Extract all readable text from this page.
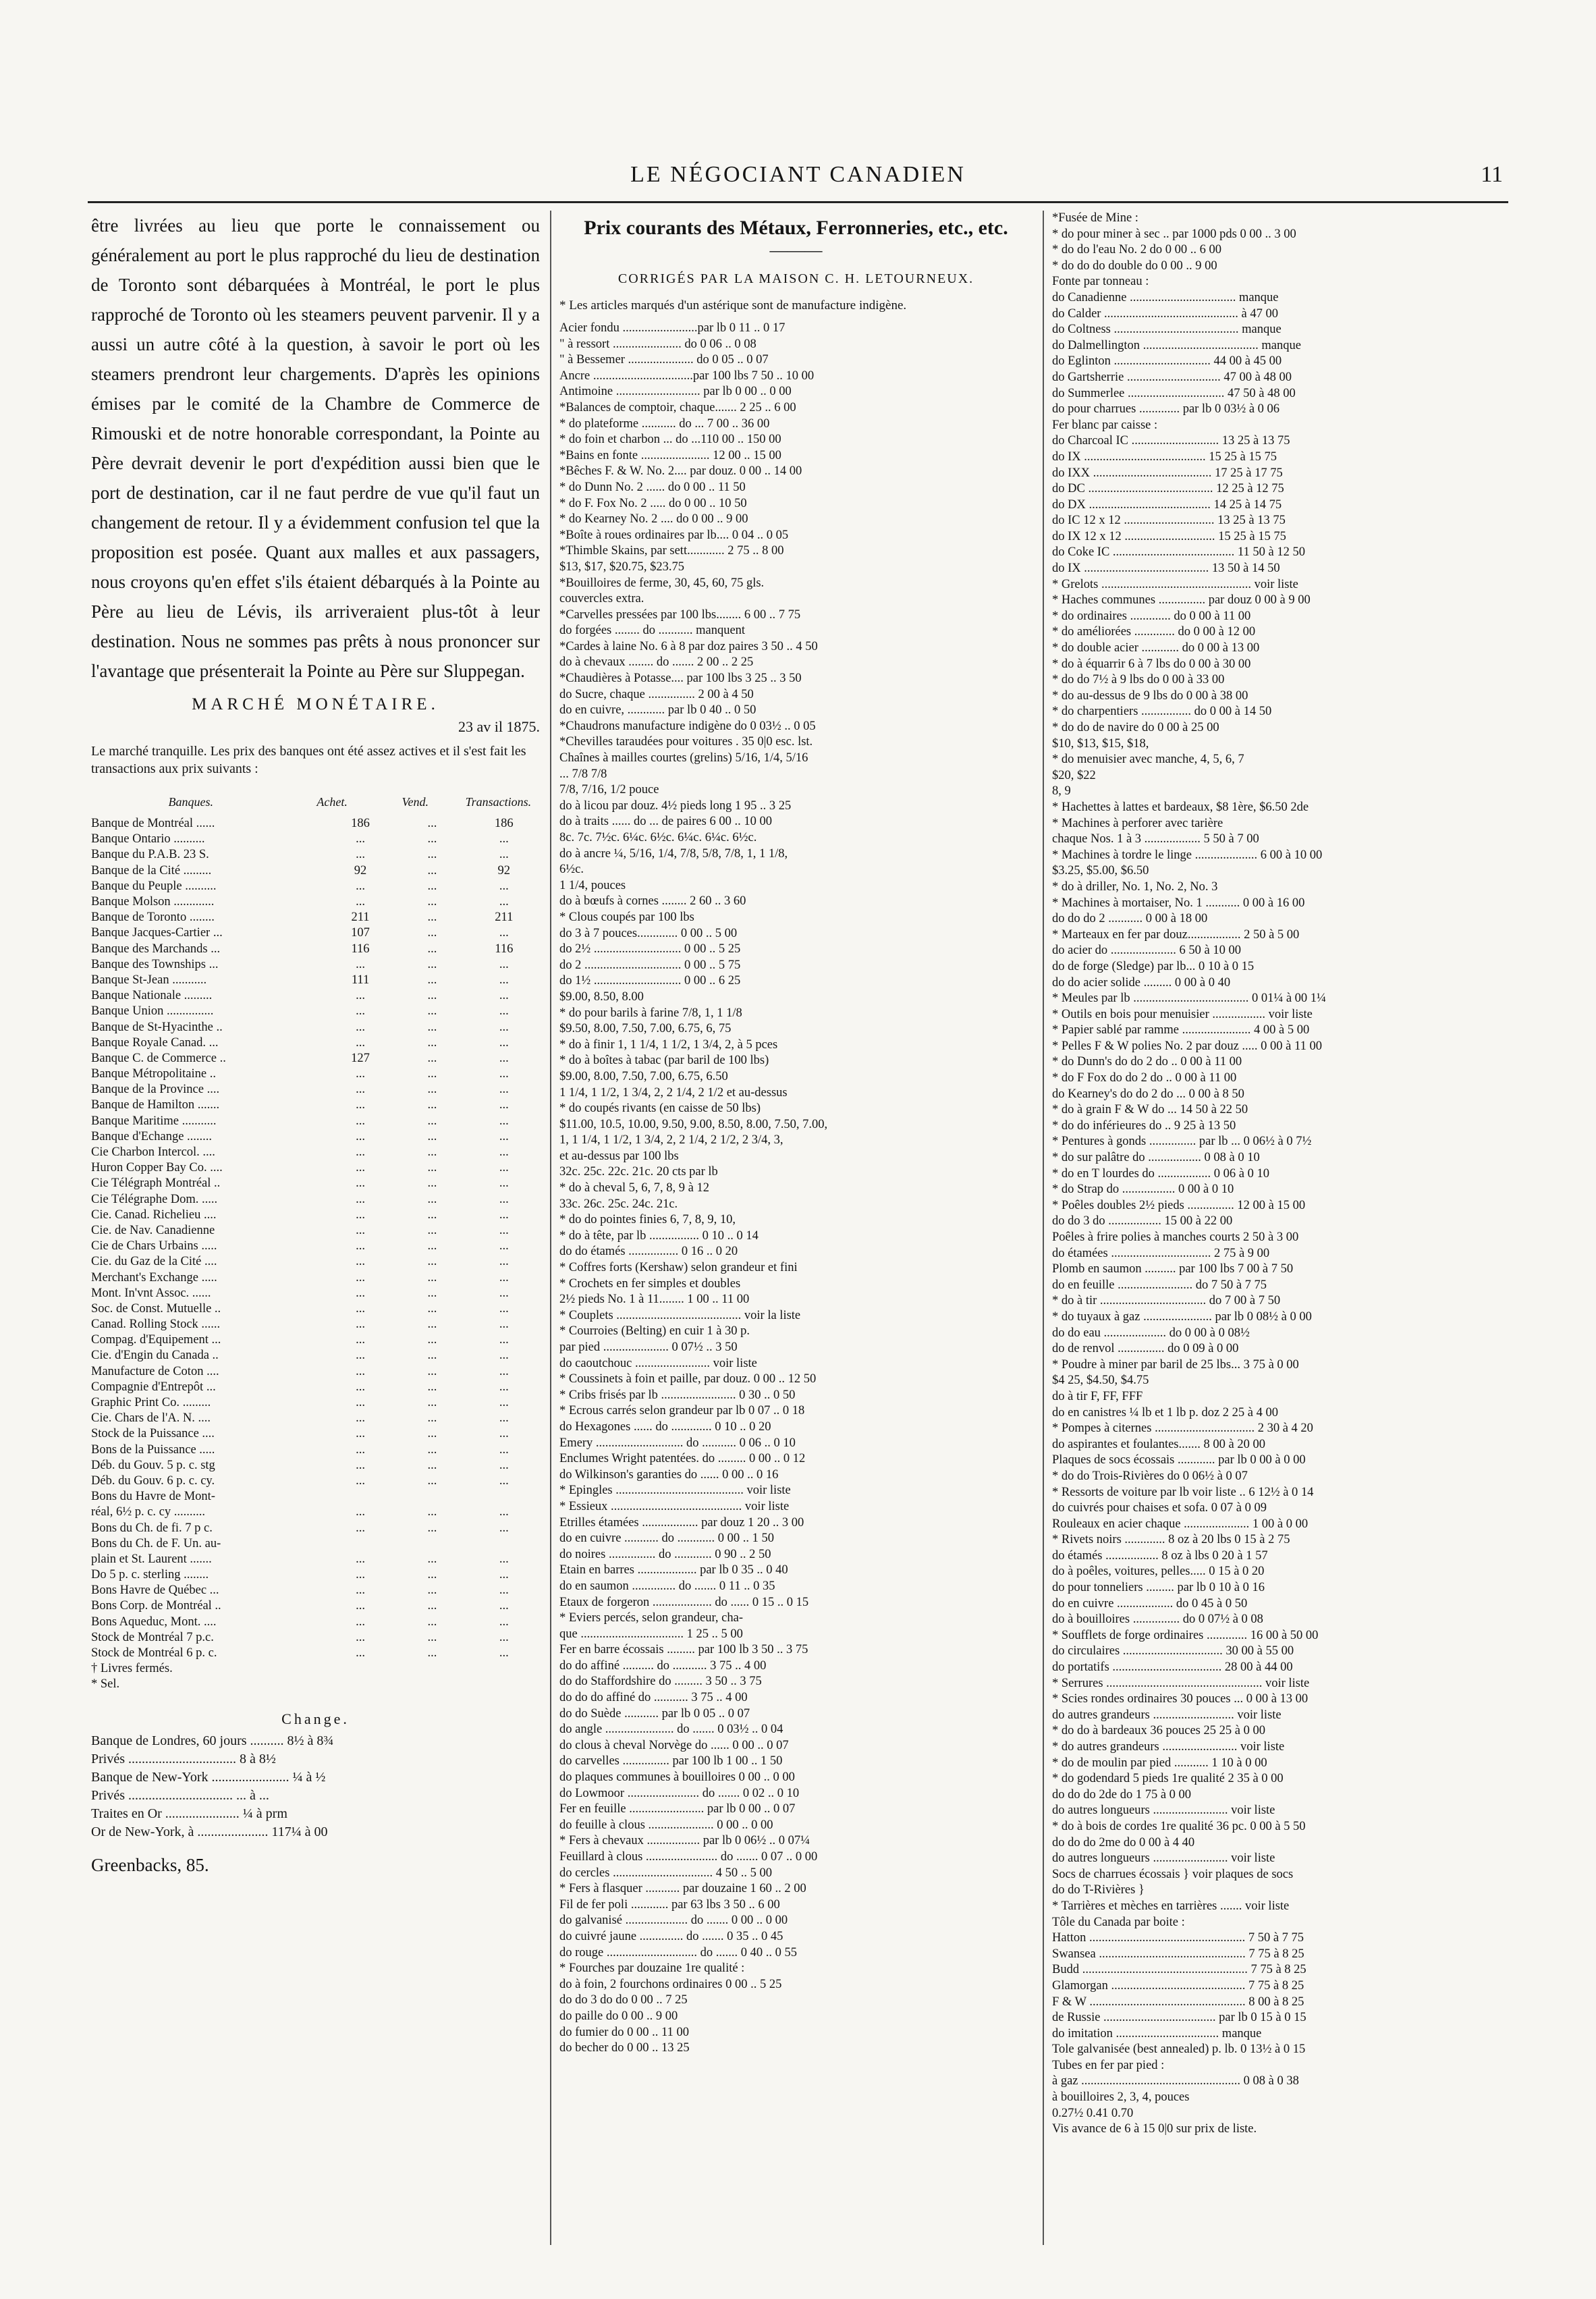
LE NÉGOCIANT CANADIEN	11

être livrées au lieu que porte le connaissement ou généralement au port le plus rapproché du lieu de destination de Toronto sont débarquées à Montréal, le port le plus rapproché de Toronto où les steamers peuvent parvenir. Il y a aussi un autre côté à la question, à savoir le port où les steamers prendront leur chargements. D'après les opinions émises par le comité de la Chambre de Commerce de Rimouski et de notre honorable correspondant, la Pointe au Père devrait devenir le port d'expédition aussi bien que le port de destination, car il ne faut perdre de vue qu'il faut un changement de retour. Il y a évidemment confusion tel que la proposition est posée. Quant aux malles et aux passagers, nous croyons qu'en effet s'ils étaient débarqués à la Pointe au Père au lieu de Lévis, ils arriveraient plus-tôt à leur destination. Nous ne sommes pas prêts à nous prononcer sur l'avantage que présenterait la Pointe au Père sur Sluppegan.

MARCHÉ MONÉTAIRE.
23 av il 1875.
Le marché tranquille. Les prix des banques ont été assez actives et il s'est fait les transactions aux prix suivants :
Banques.	Achet.	Vend.	Transactions.
Banque de Montréal ......	186	...	186
Banque Ontario ..........	...	...	...
Banque du P.A.B. 23 S.	...	...	...
Banque de la Cité .........	92	...	92
Banque du Peuple ..........	...	...	...
Banque Molson .............	...	...	...
Banque de Toronto ........	211	...	211
Banque Jacques-Cartier ...	107	...	...
Banque des Marchands ...	116	...	116
Banque des Townships ...	...	...	...
Banque St-Jean ...........	111	...	...
Banque Nationale .........	...	...	...
Banque Union ...............	...	...	...
Banque de St-Hyacinthe ..	...	...	...
Banque Royale Canad. ...	...	...	...
Banque C. de Commerce ..	127	...	...
Banque Métropolitaine ..	...	...	...
Banque de la Province ....	...	...	...
Banque de Hamilton .......	...	...	...
Banque Maritime ...........	...	...	...
Banque d'Echange ........	...	...	...
Cie Charbon Intercol. ....	...	...	...
Huron Copper Bay Co. ....	...	...	...
Cie Télégraph Montréal ..	...	...	...
Cie Télégraphe Dom. .....	...	...	...
Cie. Canad. Richelieu ....	...	...	...
Cie. de Nav. Canadienne	...	...	...
Cie de Chars Urbains .....	...	...	...
Cie. du Gaz de la Cité ....	...	...	...
Merchant's Exchange .....	...	...	...
Mont. In'vnt Assoc. ......	...	...	...
Soc. de Const. Mutuelle ..	...	...	...
Canad. Rolling Stock ......	...	...	...
Compag. d'Equipement ...	...	...	...
Cie. d'Engin du Canada ..	...	...	...
Manufacture de Coton ....	...	...	...
Compagnie d'Entrepôt ...	...	...	...
Graphic Print Co. .........	...	...	...
Cie. Chars de l'A. N. ....	...	...	...
Stock de la Puissance ....	...	...	...
Bons de la Puissance .....	...	...	...
Déb. du Gouv. 5 p. c. stg	...	...	...
Déb. du Gouv. 6 p. c. cy.	...	...	...
Bons du Havre de Mont-			
réal, 6½ p. c. cy ..........	...	...	...
Bons du Ch. de fi. 7 p c.	...	...	...
Bons du Ch. de F. Un. au-			
plain et St. Laurent .......	...	...	...
Do 5 p. c. sterling ........	...	...	...
Bons Havre de Québec ...	...	...	...
Bons Corp. de Montréal ..	...	...	...
Bons Aqueduc, Mont. ....	...	...	...
Stock de Montréal 7 p.c.	...	...	...
Stock de Montréal 6 p. c.	...	...	...
† Livres fermés.			
* Sel.			
Change.
Banque de Londres, 60 jours .......... 8½ à 8¾
Privés ................................ 8 à 8½
Banque de New-York ....................... ¼ à ½
Privés ............................... ... à ...
Traites en Or ...................... ¼ à prm
Or de New-York, à ..................... 117¼ à 00
Greenbacks, 85.
Prix courants des Métaux, Ferronneries, etc., etc.
———
CORRIGÉS PAR LA MAISON C. H. LETOURNEUX.
* Les articles marqués d'un astérique sont de manufacture indigène.
Acier fondu ........................par lb 0 11 .. 0 17
" à ressort ...................... do 0 06 .. 0 08
" à Bessemer ..................... do 0 05 .. 0 07
Ancre ................................par 100 lbs 7 50 .. 10 00
Antimoine ........................... par lb 0 00 .. 0 00
*Balances de comptoir, chaque....... 2 25 .. 6 00
* do plateforme ........... do ... 7 00 .. 36 00
* do foin et charbon ... do ...110 00 .. 150 00
*Bains en fonte ...................... 12 00 .. 15 00
*Bêches F. & W. No. 2.... par douz. 0 00 .. 14 00
* do Dunn No. 2 ...... do 0 00 .. 11 50
* do F. Fox No. 2 ..... do 0 00 .. 10 50
* do Kearney No. 2 .... do 0 00 .. 9 00
*Boîte à roues ordinaires par lb.... 0 04 .. 0 05
*Thimble Skains, par sett............ 2 75 .. 8 00
$13, $17, $20.75, $23.75
*Bouilloires de ferme, 30, 45, 60, 75 gls.
couvercles extra.
*Carvelles pressées par 100 lbs........ 6 00 .. 7 75
do forgées ........ do ........... manquent
*Cardes à laine No. 6 à 8 par doz paires 3 50 .. 4 50
do à chevaux ........ do ....... 2 00 .. 2 25
*Chaudières à Potasse.... par 100 lbs 3 25 .. 3 50
do Sucre, chaque ............... 2 00 à 4 50
do en cuivre, ............ par lb 0 40 .. 0 50
*Chaudrons manufacture indigène do 0 03½ .. 0 05
*Chevilles taraudées pour voitures . 35 0|0 esc. lst.
Chaînes à mailles courtes (grelins) 5/16, 1/4, 5/16
... 7/8 7/8
7/8, 7/16, 1/2 pouce
do à licou par douz. 4½ pieds long 1 95 .. 3 25
do à traits ...... do ... de paires 6 00 .. 10 00
8c. 7c. 7½c. 6¼c. 6½c. 6¼c. 6¼c. 6½c.
do à ancre ¼, 5/16, 1/4, 7/8, 5/8, 7/8, 1, 1 1/8,
6½c.
1 1/4, pouces
do à bœufs à cornes ........ 2 60 .. 3 60
* Clous coupés par 100 lbs
do 3 à 7 pouces............. 0 00 .. 5 00
do 2½ ............................ 0 00 .. 5 25
do 2 ............................... 0 00 .. 5 75
do 1½ ............................ 0 00 .. 6 25
$9.00, 8.50, 8.00
* do pour barils à farine 7/8, 1, 1 1/8
$9.50, 8.00, 7.50, 7.00, 6.75, 6, 75
* do à finir 1, 1 1/4, 1 1/2, 1 3/4, 2, à 5 pces
* do à boîtes à tabac (par baril de 100 lbs)
$9.00, 8.00, 7.50, 7.00, 6.75, 6.50
1 1/4, 1 1/2, 1 3/4, 2, 2 1/4, 2 1/2 et au-dessus
* do coupés rivants (en caisse de 50 lbs)
$11.00, 10.5, 10.00, 9.50, 9.00, 8.50, 8.00, 7.50, 7.00,
1, 1 1/4, 1 1/2, 1 3/4, 2, 2 1/4, 2 1/2, 2 3/4, 3,
et au-dessus par 100 lbs
32c. 25c. 22c. 21c. 20 cts par lb
* do à cheval 5, 6, 7, 8, 9 à 12
33c. 26c. 25c. 24c. 21c.
* do do pointes finies 6, 7, 8, 9, 10,
* do à tête, par lb ................ 0 10 .. 0 14
do do étamés ................ 0 16 .. 0 20
* Coffres forts (Kershaw) selon grandeur et fini
* Crochets en fer simples et doubles
2½ pieds No. 1 à 11........ 1 00 .. 11 00
* Couplets ........................................ voir la liste
* Courroies (Belting) en cuir 1 à 30 p.
par pied ..................... 0 07½ .. 3 50
do caoutchouc ........................ voir liste
* Coussinets à foin et paille, par douz. 0 00 .. 12 50
* Cribs frisés par lb ........................ 0 30 .. 0 50
* Ecrous carrés selon grandeur par lb 0 07 .. 0 18
do Hexagones ...... do ............. 0 10 .. 0 20
Emery ............................ do ........... 0 06 .. 0 10
Enclumes Wright patentées. do ......... 0 00 .. 0 12
do Wilkinson's garanties do ...... 0 00 .. 0 16
* Epingles ......................................... voir liste
* Essieux .......................................... voir liste
Etrilles étamées .................. par douz 1 20 .. 3 00
do en cuivre ........... do ............ 0 00 .. 1 50
do noires ............... do ............ 0 90 .. 2 50
Etain en barres ................... par lb 0 35 .. 0 40
do en saumon .............. do ....... 0 11 .. 0 35
Etaux de forgeron ................... do ...... 0 15 .. 0 15
* Eviers percés, selon grandeur, cha-
que ................................. 1 25 .. 5 00
Fer en barre écossais ......... par 100 lb 3 50 .. 3 75
do do affiné .......... do ........... 3 75 .. 4 00
do do Staffordshire do ......... 3 50 .. 3 75
do do do affiné do ........... 3 75 .. 4 00
do do Suède ........... par lb 0 05 .. 0 07
do angle ...................... do ....... 0 03½ .. 0 04
do clous à cheval Norvège do ...... 0 00 .. 0 07
do carvelles ............... par 100 lb 1 00 .. 1 50
do plaques communes à bouilloires 0 00 .. 0 00
do Lowmoor ....................... do ....... 0 02 .. 0 10
Fer en feuille ........................ par lb 0 00 .. 0 07
do feuille à clous ..................... 0 00 .. 0 00
* Fers à chevaux ................. par lb 0 06½ .. 0 07¼
Feuillard à clous ....................... do ....... 0 07 .. 0 00
do cercles ................................ 4 50 .. 5 00
* Fers à flasquer ........... par douzaine 1 60 .. 2 00
Fil de fer poli ............ par 63 lbs 3 50 .. 6 00
do galvanisé .................... do ....... 0 00 .. 0 00
do cuivré jaune .............. do ....... 0 35 .. 0 45
do rouge ............................. do ....... 0 40 .. 0 55
* Fourches par douzaine 1re qualité :
do à foin, 2 fourchons ordinaires 0 00 .. 5 25
do do 3 do do 0 00 .. 7 25
do paille do 0 00 .. 9 00
do fumier do 0 00 .. 11 00
do becher do 0 00 .. 13 25
*Fusée de Mine :
* do pour miner à sec .. par 1000 pds 0 00 .. 3 00
* do do l'eau No. 2 do 0 00 .. 6 00
* do do do double do 0 00 .. 9 00
Fonte par tonneau :
do Canadienne .................................. manque
do Calder ........................................... à 47 00
do Coltness ........................................ manque
do Dalmellington ..................................... manque
do Eglinton ............................... 44 00 à 45 00
do Gartsherrie .............................. 47 00 à 48 00
do Summerlee ............................... 47 50 à 48 00
do pour charrues ............. par lb 0 03½ à 0 06
Fer blanc par caisse :
do Charcoal IC ............................ 13 25 à 13 75
do IX ....................................... 15 25 à 15 75
do IXX ...................................... 17 25 à 17 75
do DC ........................................ 12 25 à 12 75
do DX ....................................... 14 25 à 14 75
do IC 12 x 12 ............................. 13 25 à 13 75
do IX 12 x 12 ............................. 15 25 à 15 75
do Coke IC ....................................... 11 50 à 12 50
do IX ........................................ 13 50 à 14 50
* Grelots ................................................ voir liste
* Haches communes ............... par douz 0 00 à 9 00
* do ordinaires ............. do 0 00 à 11 00
* do améliorées ............. do 0 00 à 12 00
* do double acier ............ do 0 00 à 13 00
* do à équarrir 6 à 7 lbs do 0 00 à 30 00
* do do 7½ à 9 lbs do 0 00 à 33 00
* do au-dessus de 9 lbs do 0 00 à 38 00
* do charpentiers ................ do 0 00 à 14 50
* do do de navire do 0 00 à 25 00
$10, $13, $15, $18,
* do menuisier avec manche, 4, 5, 6, 7
$20, $22
8, 9
* Hachettes à lattes et bardeaux, $8 1ère, $6.50 2de
* Machines à perforer avec tarière
chaque Nos. 1 à 3 .................. 5 50 à 7 00
* Machines à tordre le linge .................... 6 00 à 10 00
$3.25, $5.00, $6.50
* do à driller, No. 1, No. 2, No. 3
* Machines à mortaiser, No. 1 ........... 0 00 à 16 00
do do do 2 ........... 0 00 à 18 00
* Marteaux en fer par douz................. 2 50 à 5 00
do acier do ..................... 6 50 à 10 00
do de forge (Sledge) par lb... 0 10 à 0 15
do do acier solide ......... 0 00 à 0 40
* Meules par lb ..................................... 0 01¼ à 00 1¼
* Outils en bois pour menuisier ................. voir liste
* Papier sablé par ramme ...................... 4 00 à 5 00
* Pelles F & W polies No. 2 par douz ..... 0 00 à 11 00
* do Dunn's do do 2 do .. 0 00 à 11 00
* do F Fox do do 2 do .. 0 00 à 11 00
do Kearney's do do 2 do ... 0 00 à 8 50
* do à grain F & W do ... 14 50 à 22 50
* do do inférieures do .. 9 25 à 13 50
* Pentures à gonds ............... par lb ... 0 06½ à 0 7½
* do sur palâtre do ................. 0 08 à 0 10
* do en T lourdes do ................. 0 06 à 0 10
* do Strap do ................. 0 00 à 0 10
* Poêles doubles 2½ pieds ............... 12 00 à 15 00
do do 3 do ................. 15 00 à 22 00
Poêles à frire polies à manches courts 2 50 à 3 00
do étamées ................................ 2 75 à 9 00
Plomb en saumon .......... par 100 lbs 7 00 à 7 50
do en feuille ........................ do 7 50 à 7 75
* do à tir .................................. do 7 00 à 7 50
* do tuyaux à gaz ...................... par lb 0 08½ à 0 00
do do eau .................... do 0 00 à 0 08½
do de renvol ............... do 0 09 à 0 00
* Poudre à miner par baril de 25 lbs... 3 75 à 0 00
$4 25, $4.50, $4.75
do à tir F, FF, FFF
do en canistres ¼ lb et 1 lb p. doz 2 25 à 4 00
* Pompes à citernes ................................ 2 30 à 4 20
do aspirantes et foulantes....... 8 00 à 20 00
Plaques de socs écossais ............ par lb 0 00 à 0 00
* do do Trois-Rivières do 0 06½ à 0 07
* Ressorts de voiture par lb voir liste .. 6 12½ à 0 14
do cuivrés pour chaises et sofa. 0 07 à 0 09
Rouleaux en acier chaque ..................... 1 00 à 0 00
* Rivets noirs ............. 8 oz à 20 lbs 0 15 à 2 75
do étamés ................. 8 oz à lbs 0 20 à 1 57
do à poêles, voitures, pelles..... 0 15 à 0 20
do pour tonneliers ......... par lb 0 10 à 0 16
do en cuivre .................. do 0 45 à 0 50
do à bouilloires ............... do 0 07½ à 0 08
* Soufflets de forge ordinaires ............. 16 00 à 50 00
do circulaires ................................ 30 00 à 55 00
do portatifs ................................... 28 00 à 44 00
* Serrures .................................................. voir liste
* Scies rondes ordinaires 30 pouces ... 0 00 à 13 00
do autres grandeurs .......................... voir liste
* do do à bardeaux 36 pouces 25 25 à 0 00
* do autres grandeurs ........................ voir liste
* do de moulin par pied ........... 1 10 à 0 00
* do godendard 5 pieds 1re qualité 2 35 à 0 00
do do do 2de do 1 75 à 0 00
do autres longueurs ........................ voir liste
* do à bois de cordes 1re qualité 36 pc. 0 00 à 5 50
do do do 2me do 0 00 à 4 40
do autres longueurs ........................ voir liste
Socs de charrues écossais } voir plaques de socs
do do T-Rivières }
* Tarrières et mèches en tarrières ....... voir liste
Tôle du Canada par boite :
Hatton .................................................. 7 50 à 7 75
Swansea ............................................... 7 75 à 8 25
Budd ..................................................... 7 75 à 8 25
Glamorgan ........................................... 7 75 à 8 25
F & W .................................................. 8 00 à 8 25
de Russie .................................... par lb 0 15 à 0 15
do imitation ................................. manque
Tole galvanisée (best annealed) p. lb. 0 13½ à 0 15
Tubes en fer par pied :
à gaz ................................................... 0 08 à 0 38
à bouilloires 2, 3, 4, pouces
0.27½ 0.41 0.70
Vis avance de 6 à 15 0|0 sur prix de liste.
